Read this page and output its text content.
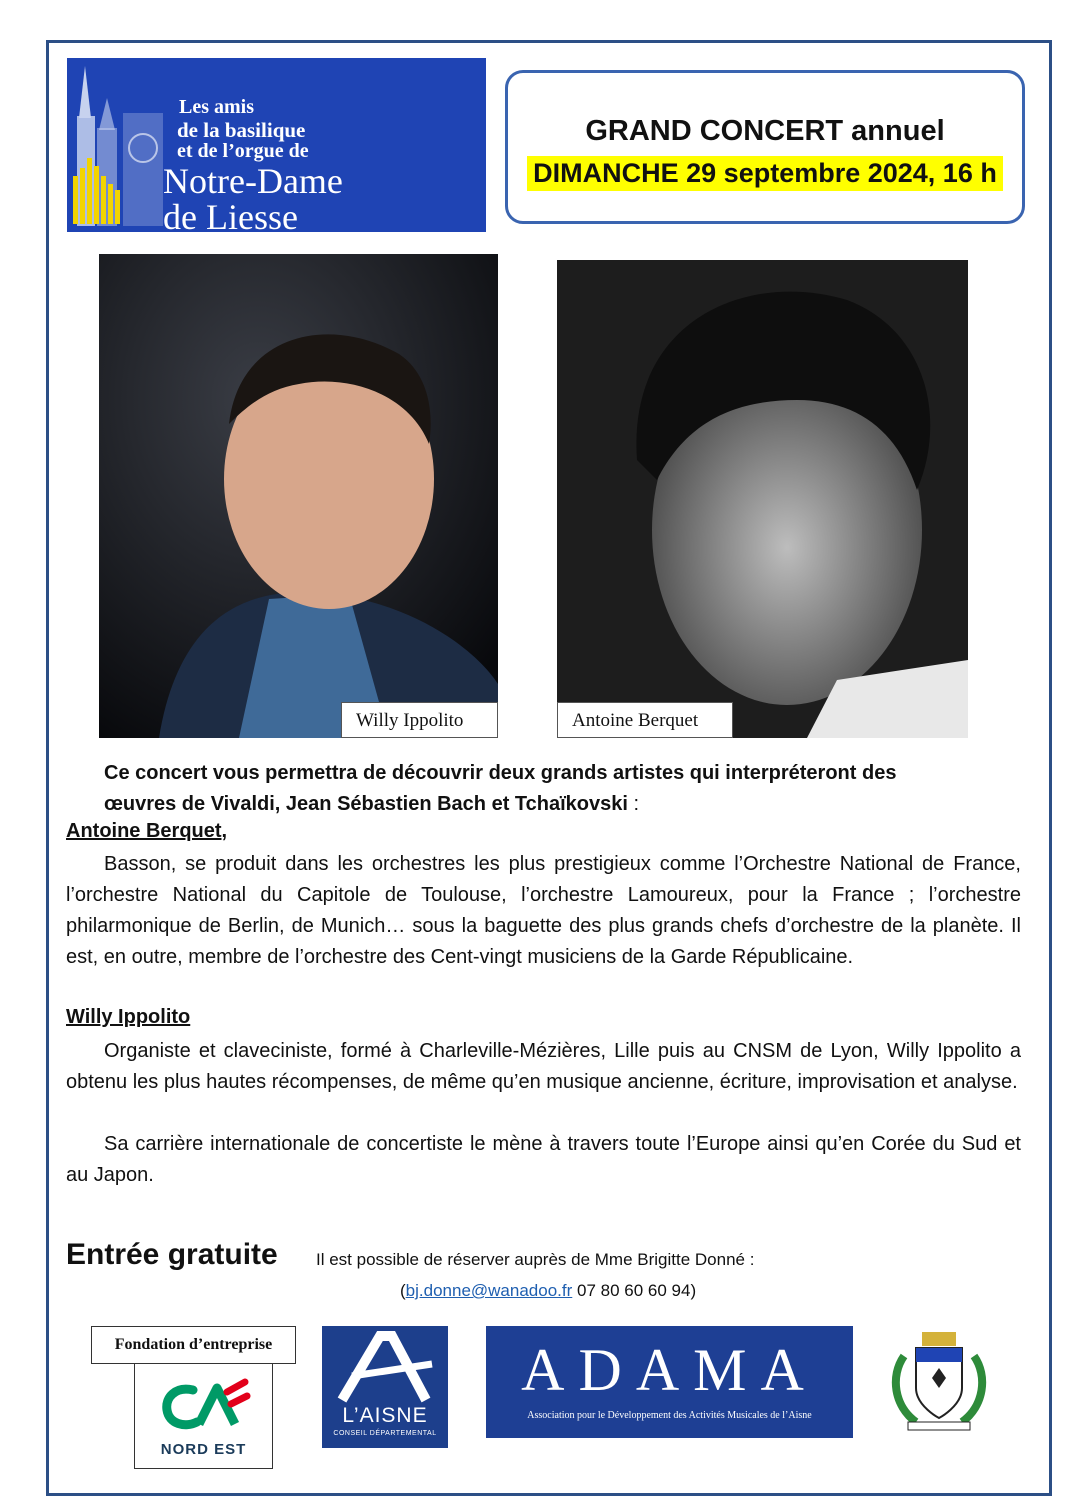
Les amis
de la basilique
et de l’orgue de
Notre-Dame
de Liesse
GRAND CONCERT annuel
DIMANCHE 29 septembre 2024, 16 h
Willy Ippolito	Antoine Berquet
Ce concert vous permettra de découvrir deux grands artistes qui interpréteront des
œuvres de Vivaldi, Jean Sébastien Bach et Tchaïkovski :
Antoine Berquet,
Basson, se produit dans les orchestres les plus prestigieux comme l’Orchestre National de France, l’orchestre National du Capitole de Toulouse, l’orchestre Lamoureux, pour la France ; l’orchestre philarmonique de Berlin, de Munich… sous la baguette des plus grands chefs d’orchestre de la planète. Il est, en outre, membre de l’orchestre des Cent-vingt musiciens de la Garde Républicaine.
Willy Ippolito
Organiste et claveciniste, formé à Charleville-Mézières, Lille puis au CNSM de Lyon, Willy Ippolito a obtenu les plus hautes récompenses, de même qu’en musique ancienne, écriture, improvisation et analyse.
Sa carrière internationale de concertiste le mène à travers toute l’Europe ainsi qu’en Corée du Sud et au Japon.
Entrée gratuite Il est possible de réserver auprès de Mme Brigitte Donné :
(bj.donne@wanadoo.fr 07 80 60 60 94)
Fondation d’entreprise
NORD EST
L’AISNE
CONSEIL DÉPARTEMENTAL
ADAMA
Association pour le Développement des Activités Musicales de l’Aisne
